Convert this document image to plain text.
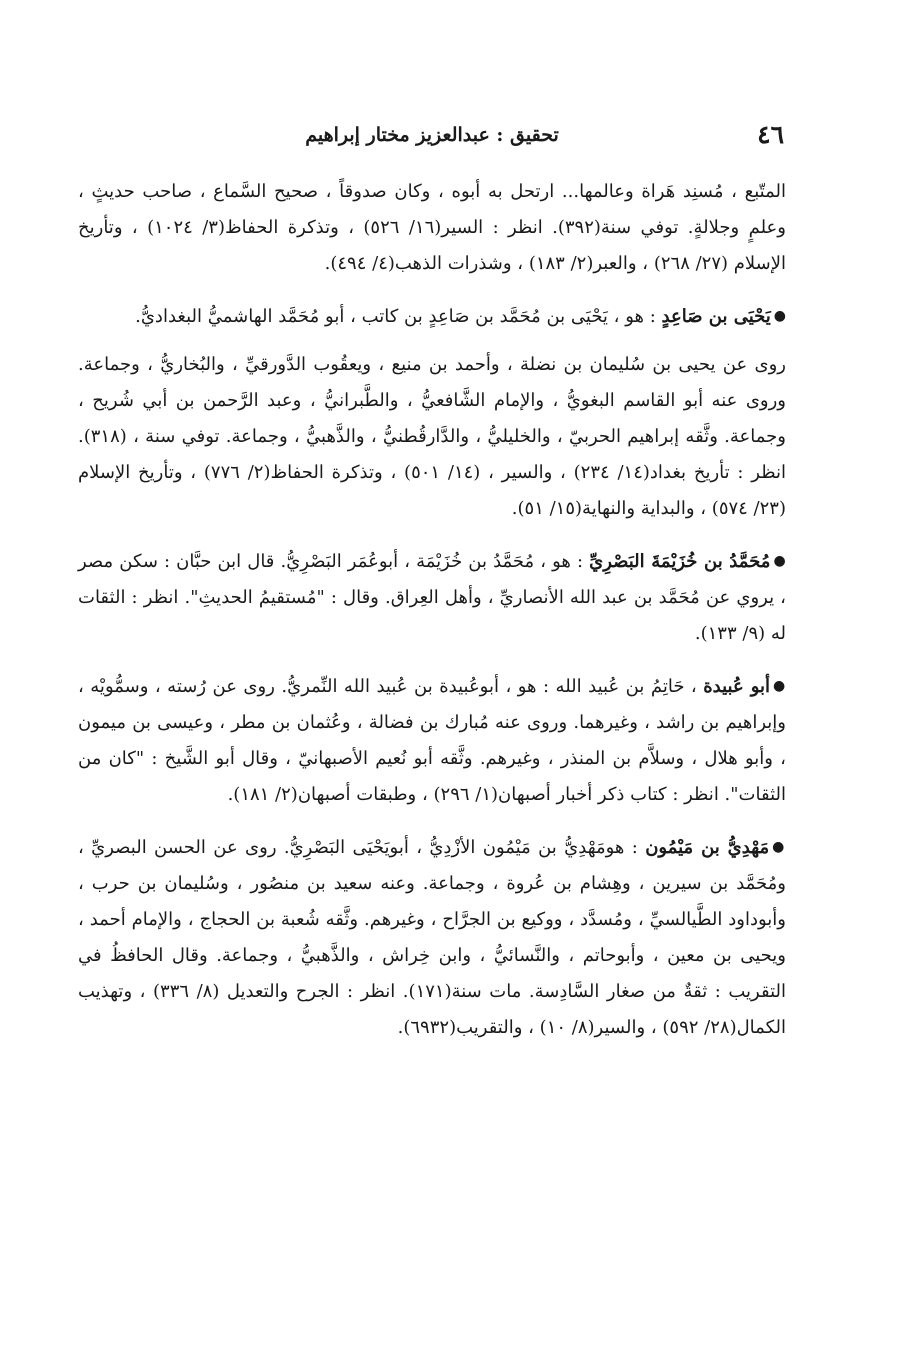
٤٦
تحقيق : عبدالعزيز مختار إبراهيم

المتّبع ، مُسنِد هَراة وعالمها... ارتحل به أبوه ، وكان صدوقاً ، صحيح السَّماع ، صاحب حديثٍ ، وعلمٍ وجلالةٍ. توفي سنة(٣٩٢). انظر : السير(١٦/ ٥٢٦) ، وتذكرة الحفاظ(٣/ ١٠٢٤) ، وتأريخ الإسلام (٢٧/ ٢٦٨) ، والعبر(٢/ ١٨٣) ، وشذرات الذهب(٤/ ٤٩٤).

●يَحْيَى بن صَاعِدٍ : هو ، يَحْيَى بن مُحَمَّد بن صَاعِدٍ بن كاتب ، أبو مُحَمَّد الهاشميُّ البغداديُّ.

روى عن يحيى بن سُليمان بن نضلة ، وأحمد بن منيع ، ويعقُوب الدَّورقيِّ ، والبُخاريُّ ، وجماعة. وروى عنه أبو القاسم البغويُّ ، والإمام الشَّافعيُّ ، والطَّبرانيُّ ، وعبد الرَّحمن بن أبي شُريح ، وجماعة. وثَّقه إبراهيم الحربيّ ، والخليليُّ ، والدَّارقُطنيُّ ، والذَّهبيُّ ، وجماعة. توفي سنة ، (٣١٨). انظر : تأريخ بغداد(١٤/ ٢٣٤) ، والسير ، (١٤/ ٥٠١) ، وتذكرة الحفاظ(٢/ ٧٧٦) ، وتأريخ الإسلام (٢٣/ ٥٧٤) ، والبداية والنهاية(١٥/ ٥١).

●مُحَمَّدُ بن خُزَيْمَةَ البَصْرِيِّ : هو ، مُحَمَّدُ بن خُزَيْمَة ، أبوعُمَر البَصْرِيُّ. قال ابن حبَّان : سكن مصر ، يروي عن مُحَمَّد بن عبد الله الأنصاريِّ ، وأهل العِراق. وقال : "مُستقيمُ الحديثِ". انظر : الثقات له (٩/ ١٣٣).

●أبو عُبيدة ، حَاتِمُ بن عُبيد الله : هو ، أبوعُبيدة بن عُبيد الله النِّمريُّ. روى عن رُسته ، وسمُّويْه ، وإبراهيم بن راشد ، وغيرهما. وروى عنه مُبارك بن فضالة ، وعُثمان بن مطر ، وعيسى بن ميمون ، وأبو هلال ، وسلاَّم بن المنذر ، وغيرهم. وثَّقه أبو نُعيم الأصبهانيّ ، وقال أبو الشَّيخ : "كان من الثقات". انظر : كتاب ذكر أخبار أصبهان(١/ ٢٩٦) ، وطبقات أصبهان(٢/ ١٨١).

●مَهْدِيُّ بن مَيْمُون : هومَهْدِيُّ بن مَيْمُون الأزْدِيُّ ، أبويَحْيَى البَصْرِيُّ. روى عن الحسن البصريِّ ، ومُحَمَّد بن سيرين ، وهِشام بن عُروة ، وجماعة. وعنه سعيد بن منصُور ، وسُليمان بن حرب ، وأبوداود الطَّيالسيِّ ، ومُسدَّد ، ووكيع بن الجرَّاح ، وغيرهم. وثَّقه شُعبة بن الحجاج ، والإمام أحمد ، ويحيى بن معين ، وأبوحاتم ، والنَّسائيُّ ، وابن خِراش ، والذَّهبيُّ ، وجماعة. وقال الحافظُ في التقريب : ثقةٌ من صغار السَّادِسة. مات سنة(١٧١). انظر : الجرح والتعديل (٨/ ٣٣٦) ، وتهذيب الكمال(٢٨/ ٥٩٢) ، والسير(٨/ ١٠) ، والتقريب(٦٩٣٢).
